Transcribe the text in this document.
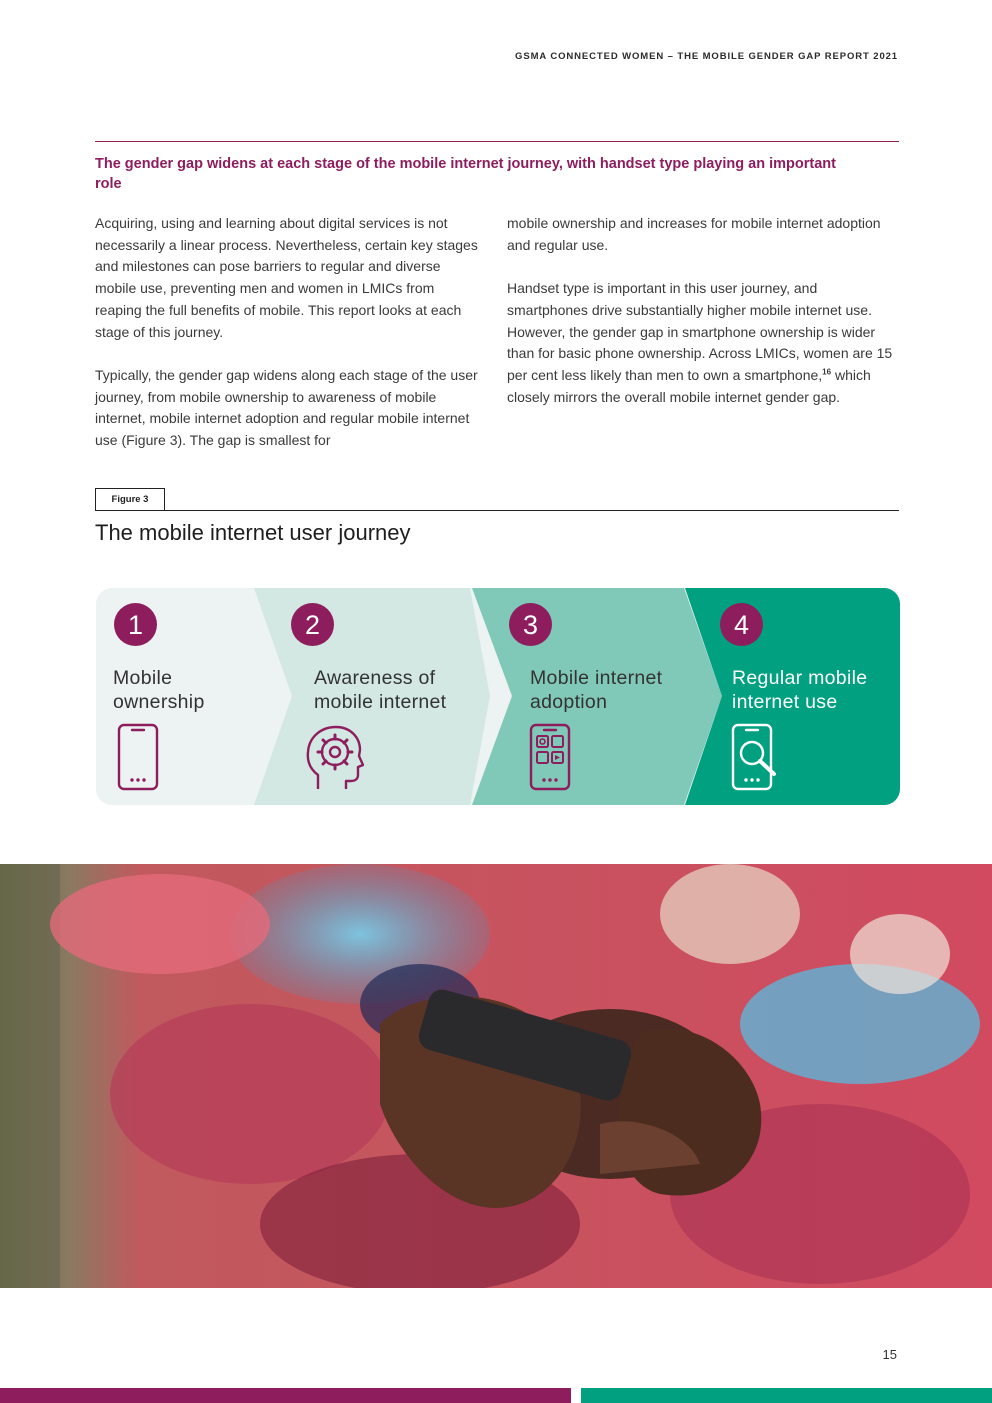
GSMA CONNECTED WOMEN – THE MOBILE GENDER GAP REPORT 2021
The gender gap widens at each stage of the mobile internet journey, with handset type playing an important role

Acquiring, using and learning about digital services is not necessarily a linear process. Nevertheless, certain key stages and milestones can pose barriers to regular and diverse mobile use, preventing men and women in LMICs from reaping the full benefits of mobile. This report looks at each stage of this journey.

Typically, the gender gap widens along each stage of the user journey, from mobile ownership to awareness of mobile internet, mobile internet adoption and regular mobile internet use (Figure 3). The gap is smallest for

mobile ownership and increases for mobile internet adoption and regular use.

Handset type is important in this user journey, and smartphones drive substantially higher mobile internet use. However, the gender gap in smartphone ownership is wider than for basic phone ownership. Across LMICs, women are 15 per cent less likely than men to own a smartphone,$^{16}$ which closely mirrors the overall mobile internet gender gap.

Figure 3
The mobile internet user journey
1
Mobile ownership
2
Awareness of mobile internet
3
Mobile internet adoption
4
Regular mobile internet use
15
